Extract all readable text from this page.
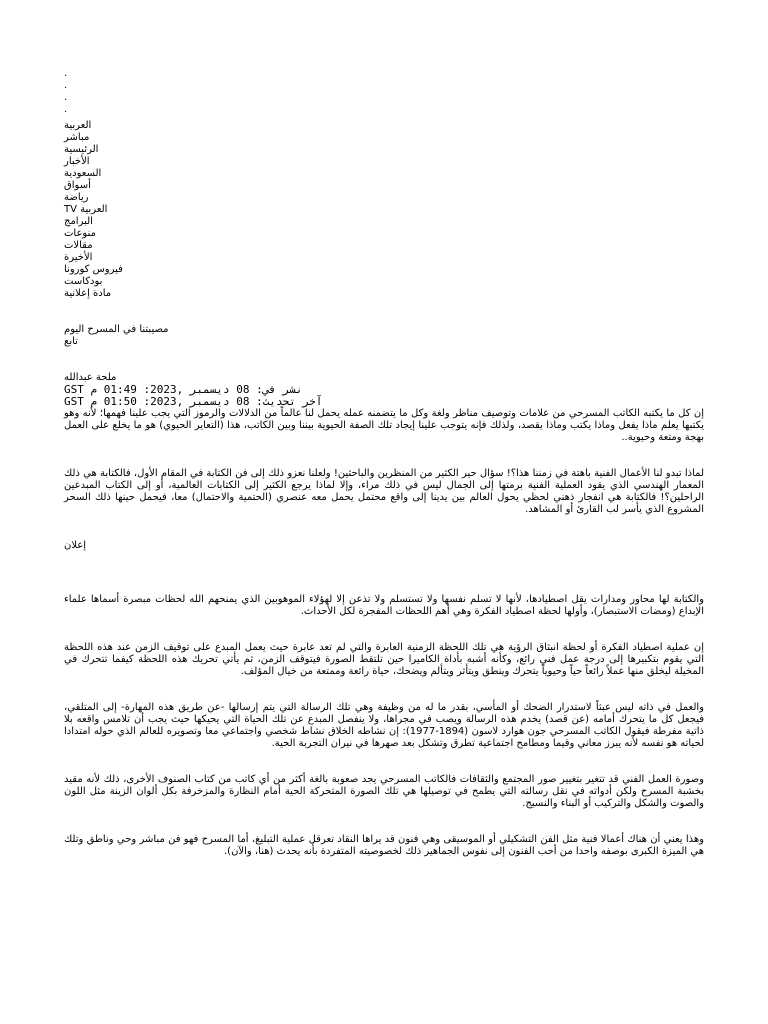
.
.
.
.
العربية
مباشر
الرئيسية
الأخبار
السعودية
أسواق
رياضة
العربية TV
البرامج
منوعات
مقالات
الأخيرة
فيروس كورونا
بودكاست
مادة إعلانية
مصيبتنا في المسرح اليوم
تابع
ملحة عبدالله
نشر في: 08 ديسمبر ,2023: 01:49 م GST
آخر تحديث: 08 ديسمبر ,2023: 01:50 م GST

إن كل ما يكتبه الكاتب المسرحي من علامات وتوصيف مناظر ولغة وكل ما يتضمنه عمله يحمل لنا عالماً من الدلالات والرموز التي يجب علينا فهمها؛ لأنه وهو يكتبها يعلم ماذا يفعل وماذا يكتب وماذا يقصد، ولذلك فإنه يتوجب علينا إيجاد تلك الصفة الحيوية بيننا وبين الكاتب، هذا (التعاير الحيوي) هو ما يخلع على العمل بهجة ومتعة وحيوية..

لماذا تبدو لنا الأعمال الفنية باهتة في زمننا هذا؟! سؤال حير الكثير من المنظرين والباحثين! ولعلنا نعزو ذلك إلى فن الكتابة في المقام الأول، فالكتابة هي ذلك المعمار الهندسي الذي يقود العملية الفنية برمتها إلى الجمال ليس في ذلك مراء، وإلا لماذا يرجع الكثير إلى الكتابات العالمية، أو إلى الكتاب المبدعين الراحلين؟! فالكتابة هي انفجار ذهني لحظي يحول العالم بين يدينا إلى واقع محتمل يحمل معه عنصري (الحتمية والاحتمال) معا، فيحمل حينها ذلك السحر المشروع الذي يأسر لب القارئ أو المشاهد.

إعلان

والكتابة لها محاور ومدارات يقل اصطيادها، لأنها لا تسلم نفسها ولا تستسلم ولا تذعن إلا لهؤلاء الموهوبين الذي يمنحهم الله لحظات مبصرة أسماها علماء الإبداع (ومضات الاستبصار)، وأولها لحظة اصطياد الفكرة وهي أهم اللحظات المفجرة لكل الأحداث.

إن عملية اصطياد الفكرة أو لحظة انبثاق الرؤية هي تلك اللحظة الزمنية العابرة والتي لم تعد عابرة حيث يعمل المبدع على توقيف الزمن عند هذه اللحظة التي يقوم بتكبيرها إلى درجة عمل فني رائع، وكأنه أشبه بأداة الكاميرا حين تلتقط الصورة فيتوقف الزمن، ثم يأتي تحريك هذه اللحظة كيفما تتحرك في المخيلة ليخلق منها عملاً رائعاً حياً وحيوياً يتحرك وينطق ويتأثر ويتألم ويضحك، حياة رائعة وممتعة من خيال المؤلف.

والعمل في ذاته ليس عبثاً لاستدرار الضحك أو المأسي، بقدر ما له من وظيفة وهي تلك الرسالة التي يتم إرسالها -عن طريق هذه المهارة- إلى المتلقي، فيجعل كل ما يتحرك أمامه (عن قصد) يخدم هذه الرسالة ويصب في مجراها، ولا ينفصل المبدع عن تلك الحياة التي يحيكها حيث يجب أن تلامس واقعه بلا ذاتية مفرطة فيقول الكاتب المسرحي جون هوارد لاسون (1894-1977): إن نشاطه الخلاق نشاط شخصي واجتماعي معا وتصويره للعالم الذي حوله امتدادا لحياته هو نفسه لأنه يبرز معاني وقيما ومطامح اجتماعية تطرق وتشكل بعد صهرها في نيران التجربة الحية.

وصورة العمل الفني قد تتغير بتغيير صور المجتمع والثقافات فالكاتب المسرحي يجد صعوبة بالغة أكثر من أي كاتب من كتاب الصنوف الأخرى، ذلك لأنه مقيد بخشبة المسرح ولكن أدواته في نقل رسالته التي يطمح في توصيلها هي تلك الصورة المتحركة الحية أمام النظارة والمزخرفة بكل ألوان الزينة مثل اللون والصوت والشكل والتركيب أو البناء والنسيج.

وهذا يعني أن هناك أعمالا فنية مثل الفن التشكيلي أو الموسيقى وهي فنون قد يراها النقاد تعرقل عملية التبليغ، أما المسرح فهو فن مباشر وحي وناطق وتلك هي الميزة الكبرى بوصفه واحدا من أحب الفنون إلى نفوس الجماهير ذلك لخصوصيته المتفردة بأنه يحدث (هنا، والآن).
